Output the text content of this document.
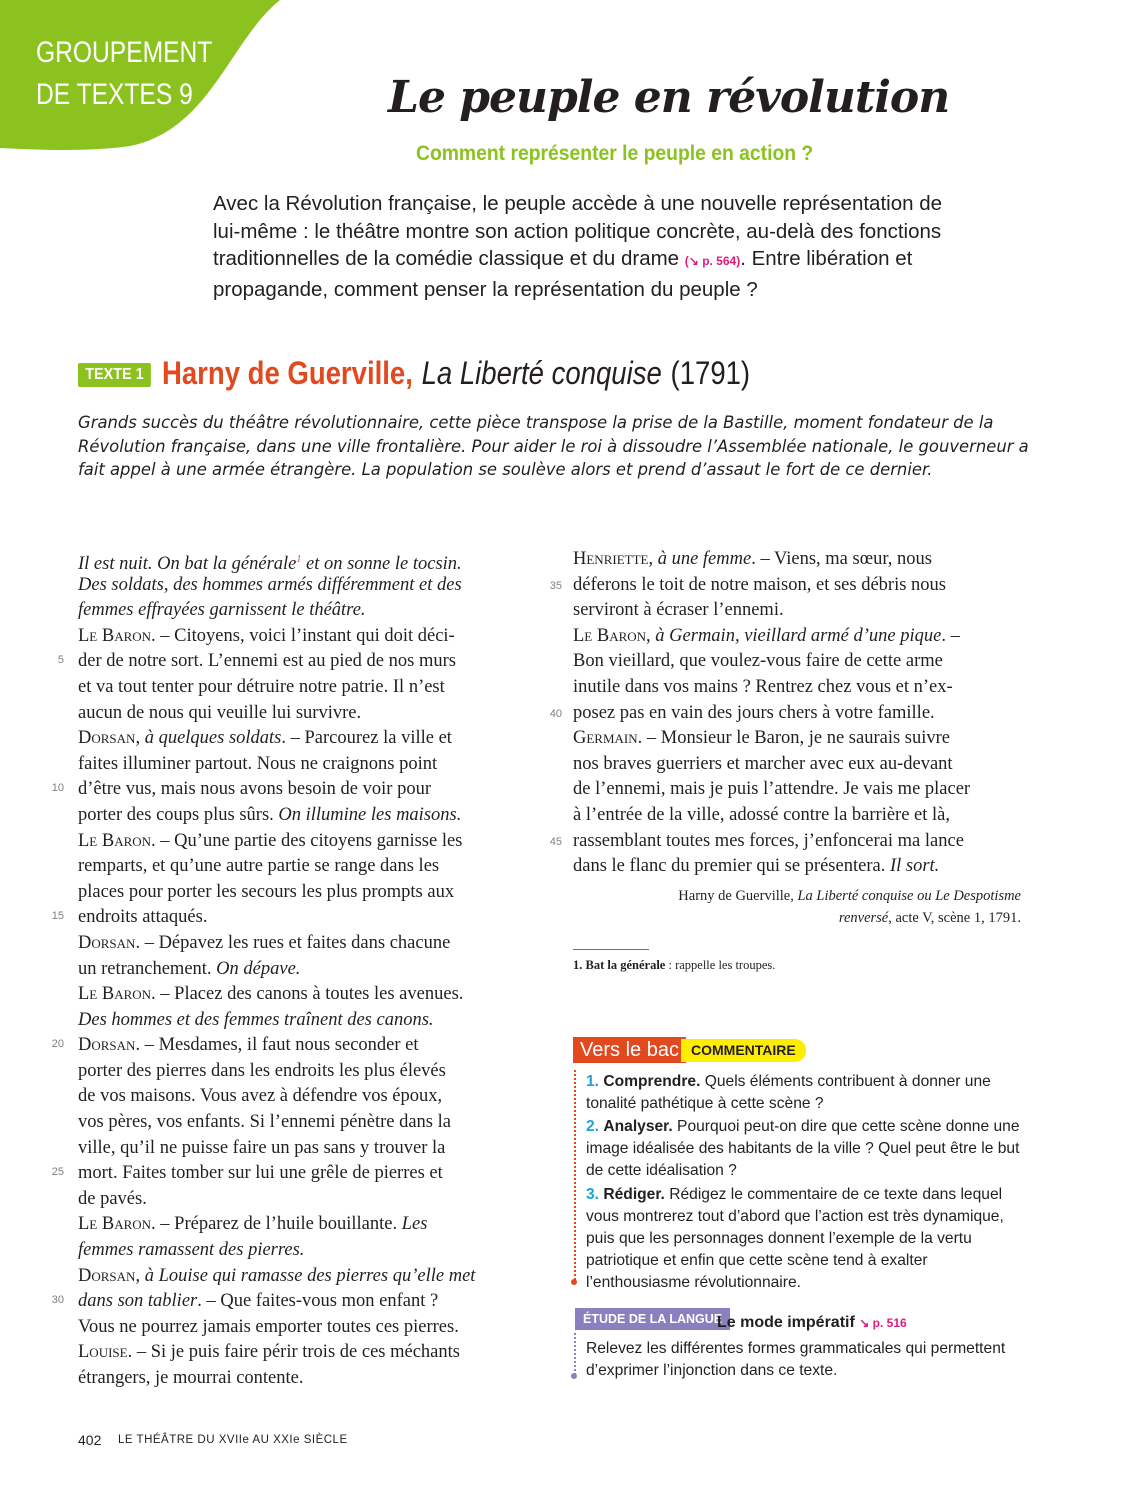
GROUPEMENT
DE TEXTES 9	Le peuple en révolution
Comment représenter le peuple en action ?
Avec la Révolution française, le peuple accède à une nouvelle représentation de lui-même : le théâtre montre son action politique concrète, au-delà des fonctions traditionnelles de la comédie classique et du drame (↘ p. 564). Entre libération et propagande, comment penser la représentation du peuple ?
TEXTE 1 Harny de Guerville, La Liberté conquise (1791)
Grands succès du théâtre révolutionnaire, cette pièce transpose la prise de la Bastille, moment fondateur de la Révolution française, dans une ville frontalière. Pour aider le roi à dissoudre l’Assemblée nationale, le gouverneur a fait appel à une armée étrangère. La population se soulève alors et prend d’assaut le fort de ce dernier.
Il est nuit. On bat la générale$^1$ et on sonne le tocsin.
Des soldats, des hommes armés différemment et des
femmes effrayées garnissent le théâtre.
Le Baron. – Citoyens, voici l’instant qui doit déci-
der de notre sort. L’ennemi est au pied de nos murs
et va tout tenter pour détruire notre patrie. Il n’est
aucun de nous qui veuille lui survivre.
Dorsan, à quelques soldats. – Parcourez la ville et
faites illuminer partout. Nous ne craignons point
d’être vus, mais nous avons besoin de voir pour
porter des coups plus sûrs. On illumine les maisons.
Le Baron. – Qu’une partie des citoyens garnisse les
remparts, et qu’une autre partie se range dans les
places pour porter les secours les plus prompts aux
endroits attaqués.
Dorsan. – Dépavez les rues et faites dans chacune
un retranchement. On dépave.
Le Baron. – Placez des canons à toutes les avenues.
Des hommes et des femmes traînent des canons.
Dorsan. – Mesdames, il faut nous seconder et
porter des pierres dans les endroits les plus élevés
de vos maisons. Vous avez à défendre vos époux,
vos pères, vos enfants. Si l’ennemi pénètre dans la
ville, qu’il ne puisse faire un pas sans y trouver la
mort. Faites tomber sur lui une grêle de pierres et
de pavés.
Le Baron. – Préparez de l’huile bouillante. Les
femmes ramassent des pierres.
Dorsan, à Louise qui ramasse des pierres qu’elle met
dans son tablier. – Que faites-vous mon enfant ?
Vous ne pourrez jamais emporter toutes ces pierres.
Louise. – Si je puis faire périr trois de ces méchants
étrangers, je mourrai contente.
5
10
15
20
25
30
Henriette, à une femme. – Viens, ma sœur, nous
déferons le toit de notre maison, et ses débris nous
serviront à écraser l’ennemi.
Le Baron, à Germain, vieillard armé d’une pique. –
Bon vieillard, que voulez-vous faire de cette arme
inutile dans vos mains ? Rentrez chez vous et n’ex-
posez pas en vain des jours chers à votre famille.
Germain. – Monsieur le Baron, je ne saurais suivre
nos braves guerriers et marcher avec eux au-devant
de l’ennemi, mais je puis l’attendre. Je vais me placer
à l’entrée de la ville, adossé contre la barrière et là,
rassemblant toutes mes forces, j’enfoncerai ma lance
dans le flanc du premier qui se présentera. Il sort.
35
40
45
Harny de Guerville, La Liberté conquise ou Le Despotisme
renversé, acte V, scène 1, 1791.
1. Bat la générale : rappelle les troupes.
Vers le bac COMMENTAIRE
1. Comprendre. Quels éléments contribuent à donner une tonalité pathétique à cette scène ?
2. Analyser. Pourquoi peut-on dire que cette scène donne une image idéalisée des habitants de la ville ? Quel peut être le but de cette idéalisation ?
3. Rédiger. Rédigez le commentaire de ce texte dans lequel vous montrerez tout d’abord que l’action est très dynamique, puis que les personnages donnent l’exemple de la vertu patriotique et enfin que cette scène tend à exalter l’enthousiasme révolutionnaire.
ÉTUDE DE LA LANGUE
Le mode impératif ↘ p. 516
Relevez les différentes formes grammaticales qui permettent d’exprimer l’injonction dans ce texte.
402 LE THÉÂTRE DU XVIIe AU XXIe SIÈCLE
